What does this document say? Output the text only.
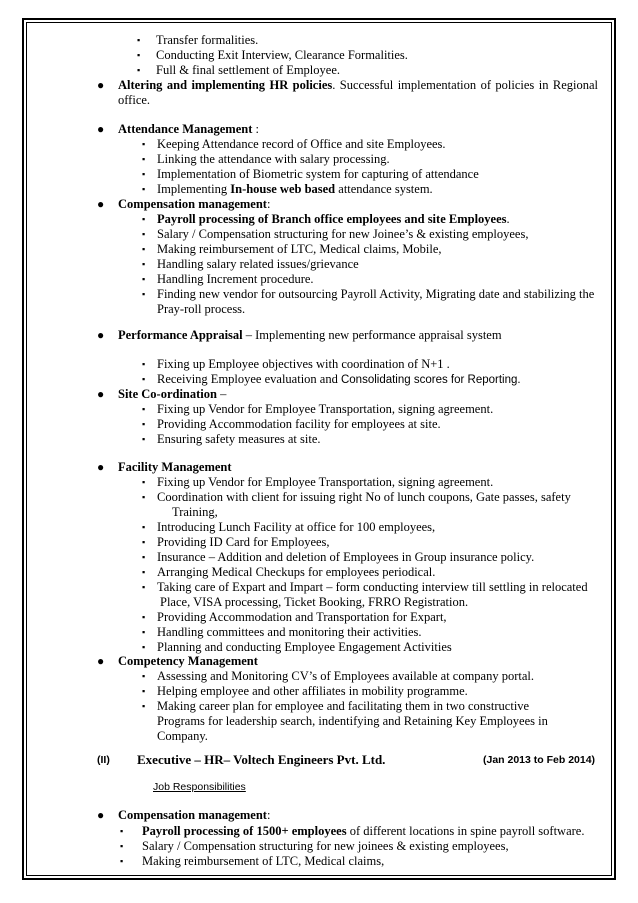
▪ Transfer formalities.
▪ Conducting Exit Interview, Clearance Formalities.
▪ Full & final settlement of Employee.
● Altering and implementing HR policies. Successful implementation of policies in Regional
office.
● Attendance Management :
▪ Keeping Attendance record of Office and site Employees.
▪ Linking the attendance with salary processing.
▪ Implementation of Biometric system for capturing of attendance
▪ Implementing In-house web based attendance system.
● Compensation management:
▪ Payroll processing of Branch office employees and site Employees.
▪ Salary / Compensation structuring for new Joinee’s & existing employees,
▪ Making reimbursement of LTC, Medical claims, Mobile,
▪ Handling salary related issues/grievance
▪ Handling Increment procedure.
▪ Finding new vendor for outsourcing Payroll Activity, Migrating date and stabilizing the
Pray-roll process.
● Performance Appraisal – Implementing new performance appraisal system
▪ Fixing up Employee objectives with coordination of N+1 .
▪ Receiving Employee evaluation and Consolidating scores for Reporting.
● Site Co-ordination –
▪ Fixing up Vendor for Employee Transportation, signing agreement.
▪ Providing Accommodation facility for employees at site.
▪ Ensuring safety measures at site.
● Facility Management
▪ Fixing up Vendor for Employee Transportation, signing agreement.
▪ Coordination with client for issuing right No of lunch coupons, Gate passes, safety
Training,
▪ Introducing Lunch Facility at office for 100 employees,
▪ Providing ID Card for Employees,
▪ Insurance – Addition and deletion of Employees in Group insurance policy.
▪ Arranging Medical Checkups for employees periodical.
▪ Taking care of Expart and Impart – form conducting interview till settling in relocated
Place, VISA processing, Ticket Booking, FRRO Registration.
▪ Providing Accommodation and Transportation for Expart,
▪ Handling committees and monitoring their activities.
▪ Planning and conducting Employee Engagement Activities
● Competency Management
▪ Assessing and Monitoring CV’s of Employees available at company portal.
▪ Helping employee and other affiliates in mobility programme.
▪ Making career plan for employee and facilitating them in two constructive
Programs for leadership search, indentifying and Retaining Key Employees in
Company.
(II) Executive – HR– Voltech Engineers Pvt. Ltd.	(Jan 2013 to Feb 2014)
Job Responsibilities
● Compensation management:
▪ Payroll processing of 1500+ employees of different locations in spine payroll software.
▪ Salary / Compensation structuring for new joinees & existing employees,
▪ Making reimbursement of LTC, Medical claims,
